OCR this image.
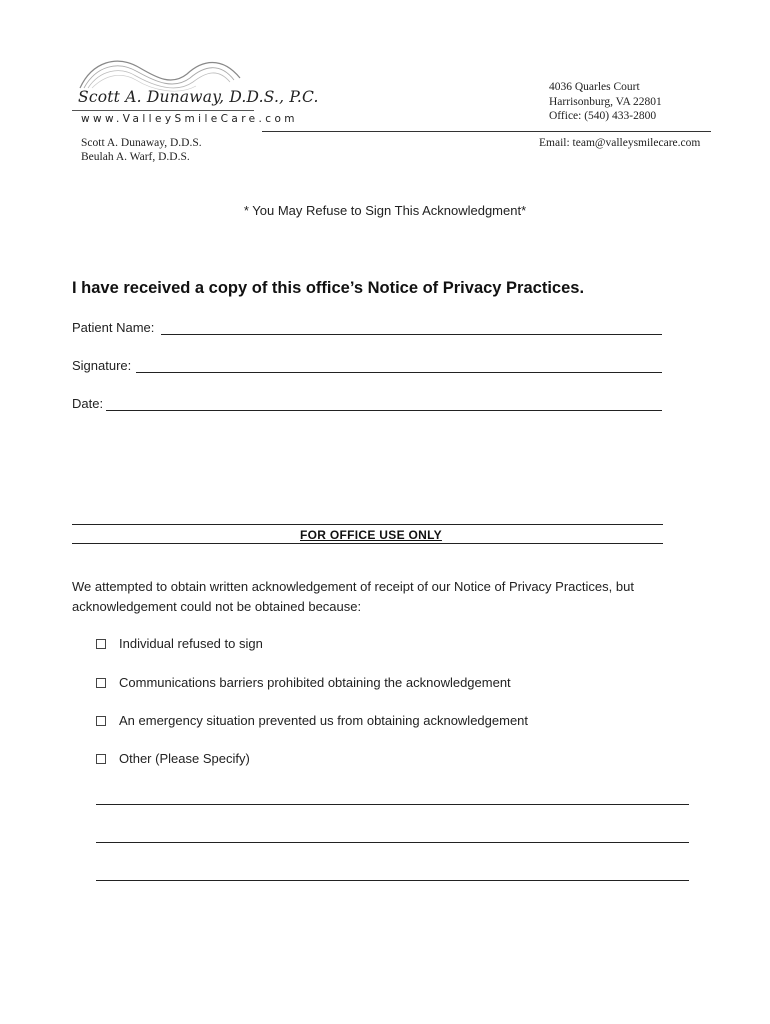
Scott A. Dunaway, D.D.S., P.C.
www.ValleySmileCare.com
Scott A. Dunaway, D.D.S.
Beulah A. Warf, D.D.S.
4036 Quarles Court
Harrisonburg, VA 22801
Office: (540) 433-2800
Email: team@valleysmilecare.com
* You May Refuse to Sign This Acknowledgment*
I have received a copy of this office’s Notice of Privacy Practices.
Patient Name:
Signature:
Date:
FOR OFFICE USE ONLY
We attempted to obtain written acknowledgement of receipt of our Notice of Privacy Practices, but acknowledgement could not be obtained because:
Individual refused to sign
Communications barriers prohibited obtaining the acknowledgement
An emergency situation prevented us from obtaining acknowledgement
Other (Please Specify)
